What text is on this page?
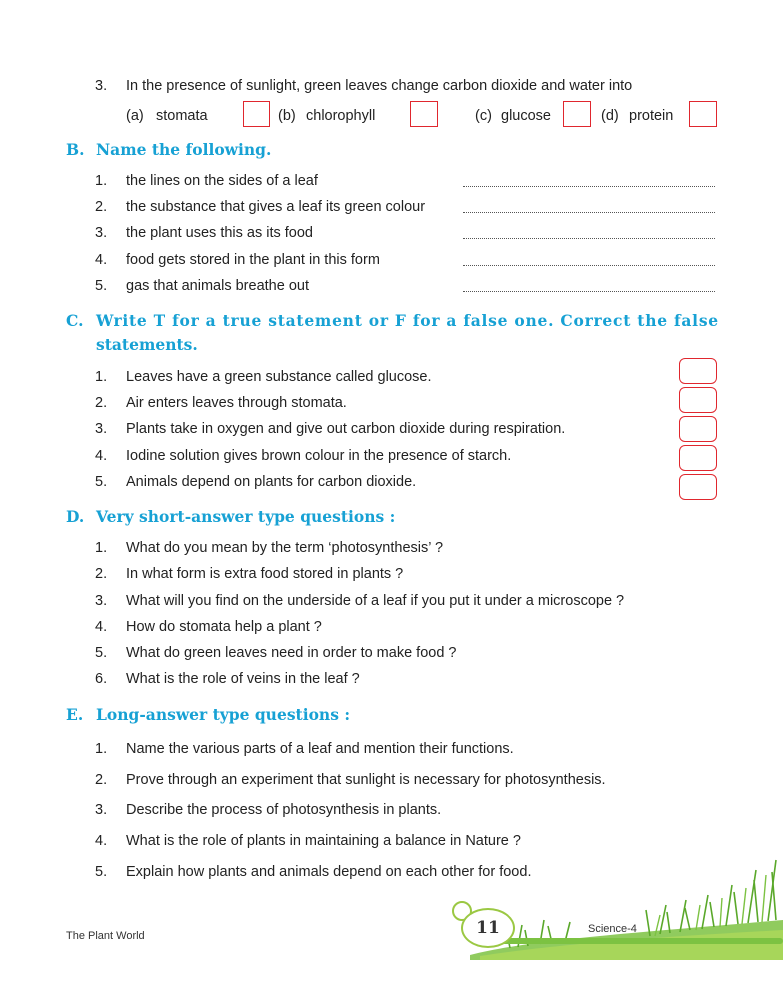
3. In the presence of sunlight, green leaves change carbon dioxide and water into
(a) stomata	(b) chlorophyll	(c) glucose	(d) protein
B. Name the following.
1. the lines on the sides of a leaf
2. the substance that gives a leaf its green colour
3. the plant uses this as its food
4. food gets stored in the plant in this form
5. gas that animals breathe out
C. Write T for a true statement or F for a false one. Correct the false
statements.
1. Leaves have a green substance called glucose.
2. Air enters leaves through stomata.
3. Plants take in oxygen and give out carbon dioxide during respiration.
4. Iodine solution gives brown colour in the presence of starch.
5. Animals depend on plants for carbon dioxide.
D. Very short-answer type questions :
1. What do you mean by the term ‘photosynthesis’ ?
2. In what form is extra food stored in plants ?
3. What will you find on the underside of a leaf if you put it under a microscope ?
4. How do stomata help a plant ?
5. What do green leaves need in order to make food ?
6. What is the role of veins in the leaf ?
E. Long-answer type questions :
1. Name the various parts of a leaf and mention their functions.
2. Prove through an experiment that sunlight is necessary for photosynthesis.
3. Describe the process of photosynthesis in plants.
4. What is the role of plants in maintaining a balance in Nature ?
5. Explain how plants and animals depend on each other for food.
11
The Plant World
Science-4
